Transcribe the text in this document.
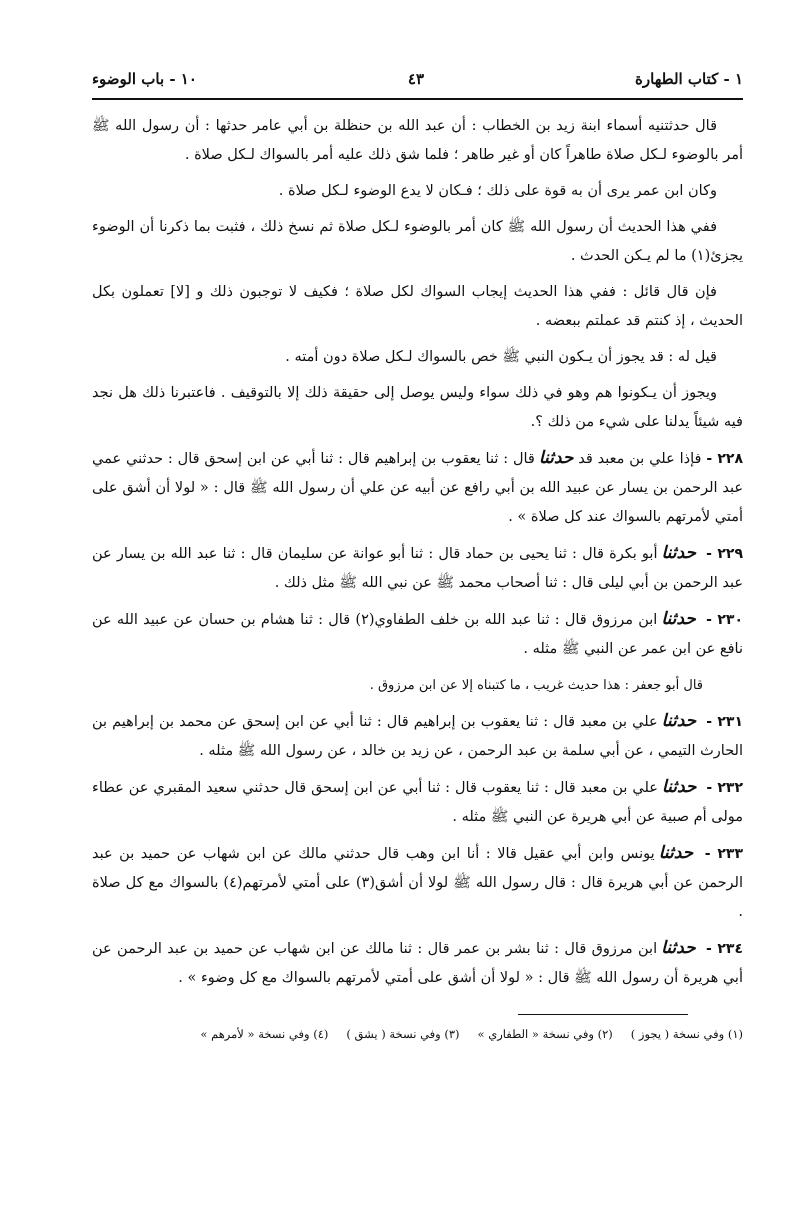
١ - كتاب الطهارة
٤٣
١٠ - باب الوضوء

قال حدثتنيه أسماء ابنة زيد بن الخطاب : أن عبد الله بن حنظلة بن أبي عامر حدثها : أن رسول الله ﷺ أمر بالوضوء لـكل صلاة طاهراً كان أو غير طاهر ؛ فلما شق ذلك عليه أمر بالسواك لـكل صلاة .

وكان ابن عمر يرى أن به قوة على ذلك ؛ فـكان لا يدع الوضوء لـكل صلاة .

ففي هذا الحديث أن رسول الله ﷺ كان أمر بالوضوء لـكل صلاة ثم نسخ ذلك ، فثبت بما ذكرنا أن الوضوء يجزئ(١) ما لم يـكن الحدث .

فإن قال قائل : ففي هذا الحديث إيجاب السواك لكل صلاة ؛ فكيف لا توجبون ذلك و [لا] تعملون بكل الحديث ، إذ كنتم قد عملتم ببعضه .

قيل له : قد يجوز أن يـكون النبي ﷺ خص بالسواك لـكل صلاة دون أمته .

ويجوز أن يـكونوا هم وهو في ذلك سواء وليس يوصل إلى حقيقة ذلك إلا بالتوقيف . فاعتبرنا ذلك هل نجد فيه شيئاً يدلنا على شيء من ذلك ؟.

٢٢٨ -فإذا علي بن معبد قد حدثناقال : ثنا يعقوب بن إبراهيم قال : ثنا أبي عن ابن إسحق قال : حدثني عمي عبد الرحمن بن يسار عن عبيد الله بن أبي رافع عن أبيه عن علي أن رسول الله ﷺ قال : « لولا أن أشق على أمتي لأمرتهم بالسواك عند كل صلاة » .

٢٢٩ - حدثناأبو بكرة قال : ثنا يحيى بن حماد قال : ثنا أبو عوانة عن سليمان قال : ثنا عبد الله بن يسار عن عبد الرحمن بن أبي ليلى قال : ثنا أصحاب محمد ﷺ عن نبي الله ﷺ مثل ذلك .

٢٣٠ - حدثناابن مرزوق قال : ثنا عبد الله بن خلف الطفاوي(٢) قال : ثنا هشام بن حسان عن عبيد الله عن نافع عن ابن عمر عن النبي ﷺ مثله .

قال أبو جعفر : هذا حديث غريب ، ما كتبناه إلا عن ابن مرزوق .

٢٣١ - حدثناعلي بن معبد قال : ثنا يعقوب بن إبراهيم قال : ثنا أبي عن ابن إسحق عن محمد بن إبراهيم بن الحارث التيمي ، عن أبي سلمة بن عبد الرحمن ، عن زيد بن خالد ، عن رسول الله ﷺ مثله .

٢٣٢ - حدثناعلي بن معبد قال : ثنا يعقوب قال : ثنا أبي عن ابن إسحق قال حدثني سعيد المقبري عن عطاء مولى أم صبية عن أبي هريرة عن النبي ﷺ مثله .

٢٣٣ - حدثنايونس وابن أبي عقيل قالا : أنا ابن وهب قال حدثني مالك عن ابن شهاب عن حميد بن عبد الرحمن عن أبي هريرة قال : قال رسول الله ﷺ لولا أن أشق(٣) على أمتي لأمرتهم(٤) بالسواك مع كل صلاة .

٢٣٤ - حدثناابن مرزوق قال : ثنا بشر بن عمر قال : ثنا مالك عن ابن شهاب عن حميد بن عبد الرحمن عن أبي هريرة أن رسول الله ﷺ قال : « لولا أن أشق على أمتي لأمرتهم بالسواك مع كل وضوء » .

(١) وفي نسخة ( يجوز )
(٢) وفي نسخة « الطفاري »
(٣) وفي نسخة ( يشق )
(٤) وفي نسخة « لأمرهم »
